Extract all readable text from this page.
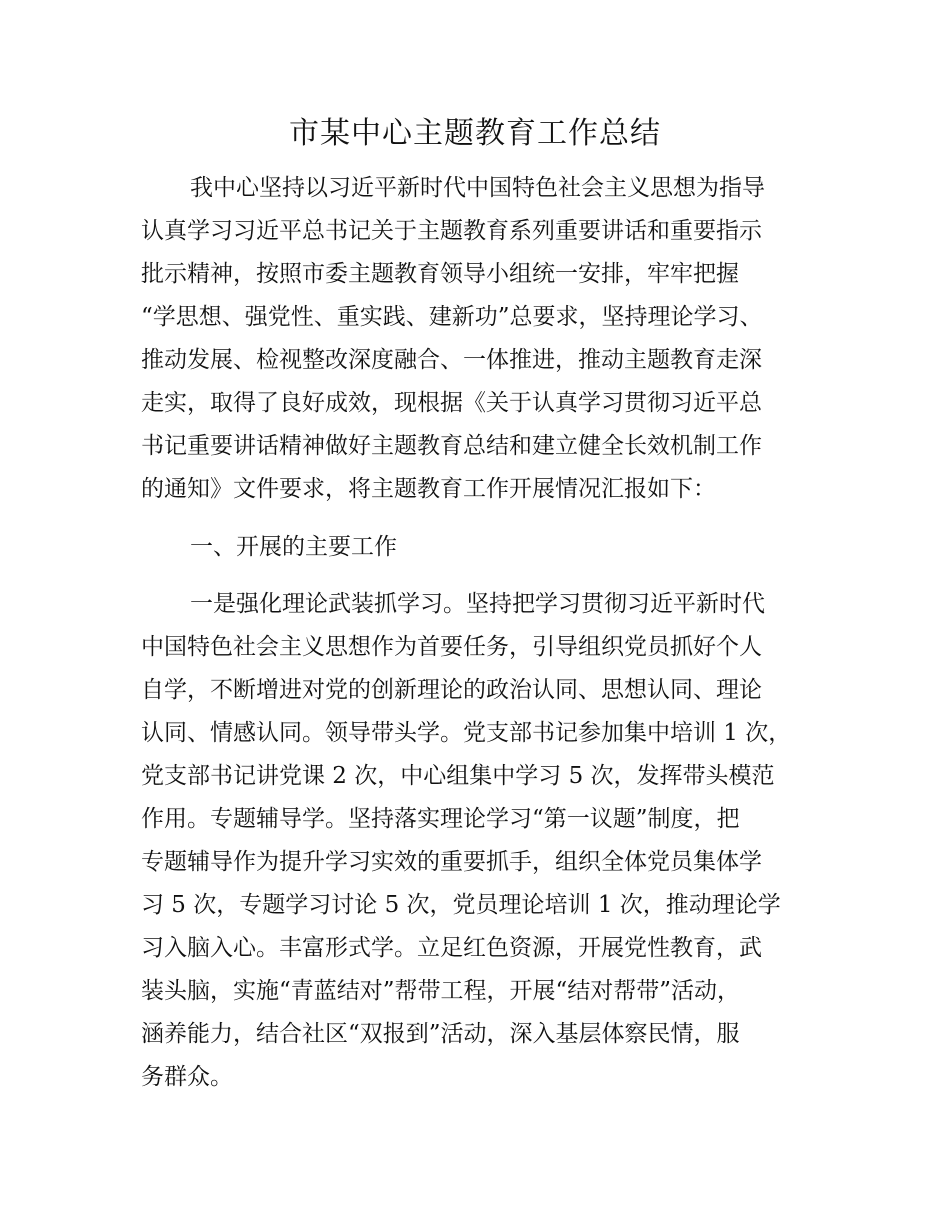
市某中心主题教育工作总结
我中心坚持以习近平新时代中国特色社会主义思想为指导
认真学习习近平总书记关于主题教育系列重要讲话和重要指示
批示精神，按照市委主题教育领导小组统一安排，牢牢把握
“学思想、强党性、重实践、建新功”总要求，坚持理论学习、
推动发展、检视整改深度融合、一体推进，推动主题教育走深
走实，取得了良好成效，现根据《关于认真学习贯彻习近平总
书记重要讲话精神做好主题教育总结和建立健全长效机制工作
的通知》文件要求，将主题教育工作开展情况汇报如下：
一、开展的主要工作
一是强化理论武装抓学习。坚持把学习贯彻习近平新时代
中国特色社会主义思想作为首要任务，引导组织党员抓好个人
自学，不断增进对党的创新理论的政治认同、思想认同、理论
认同、情感认同。领导带头学。党支部书记参加集中培训 1 次，
党支部书记讲党课 2 次，中心组集中学习 5 次，发挥带头模范
作用。专题辅导学。坚持落实理论学习“第一议题”制度，把
专题辅导作为提升学习实效的重要抓手，组织全体党员集体学
习 5 次，专题学习讨论 5 次，党员理论培训 1 次，推动理论学
习入脑入心。丰富形式学。立足红色资源，开展党性教育，武
装头脑，实施“青蓝结对”帮带工程，开展“结对帮带”活动，
涵养能力，结合社区“双报到”活动，深入基层体察民情，服
务群众。
